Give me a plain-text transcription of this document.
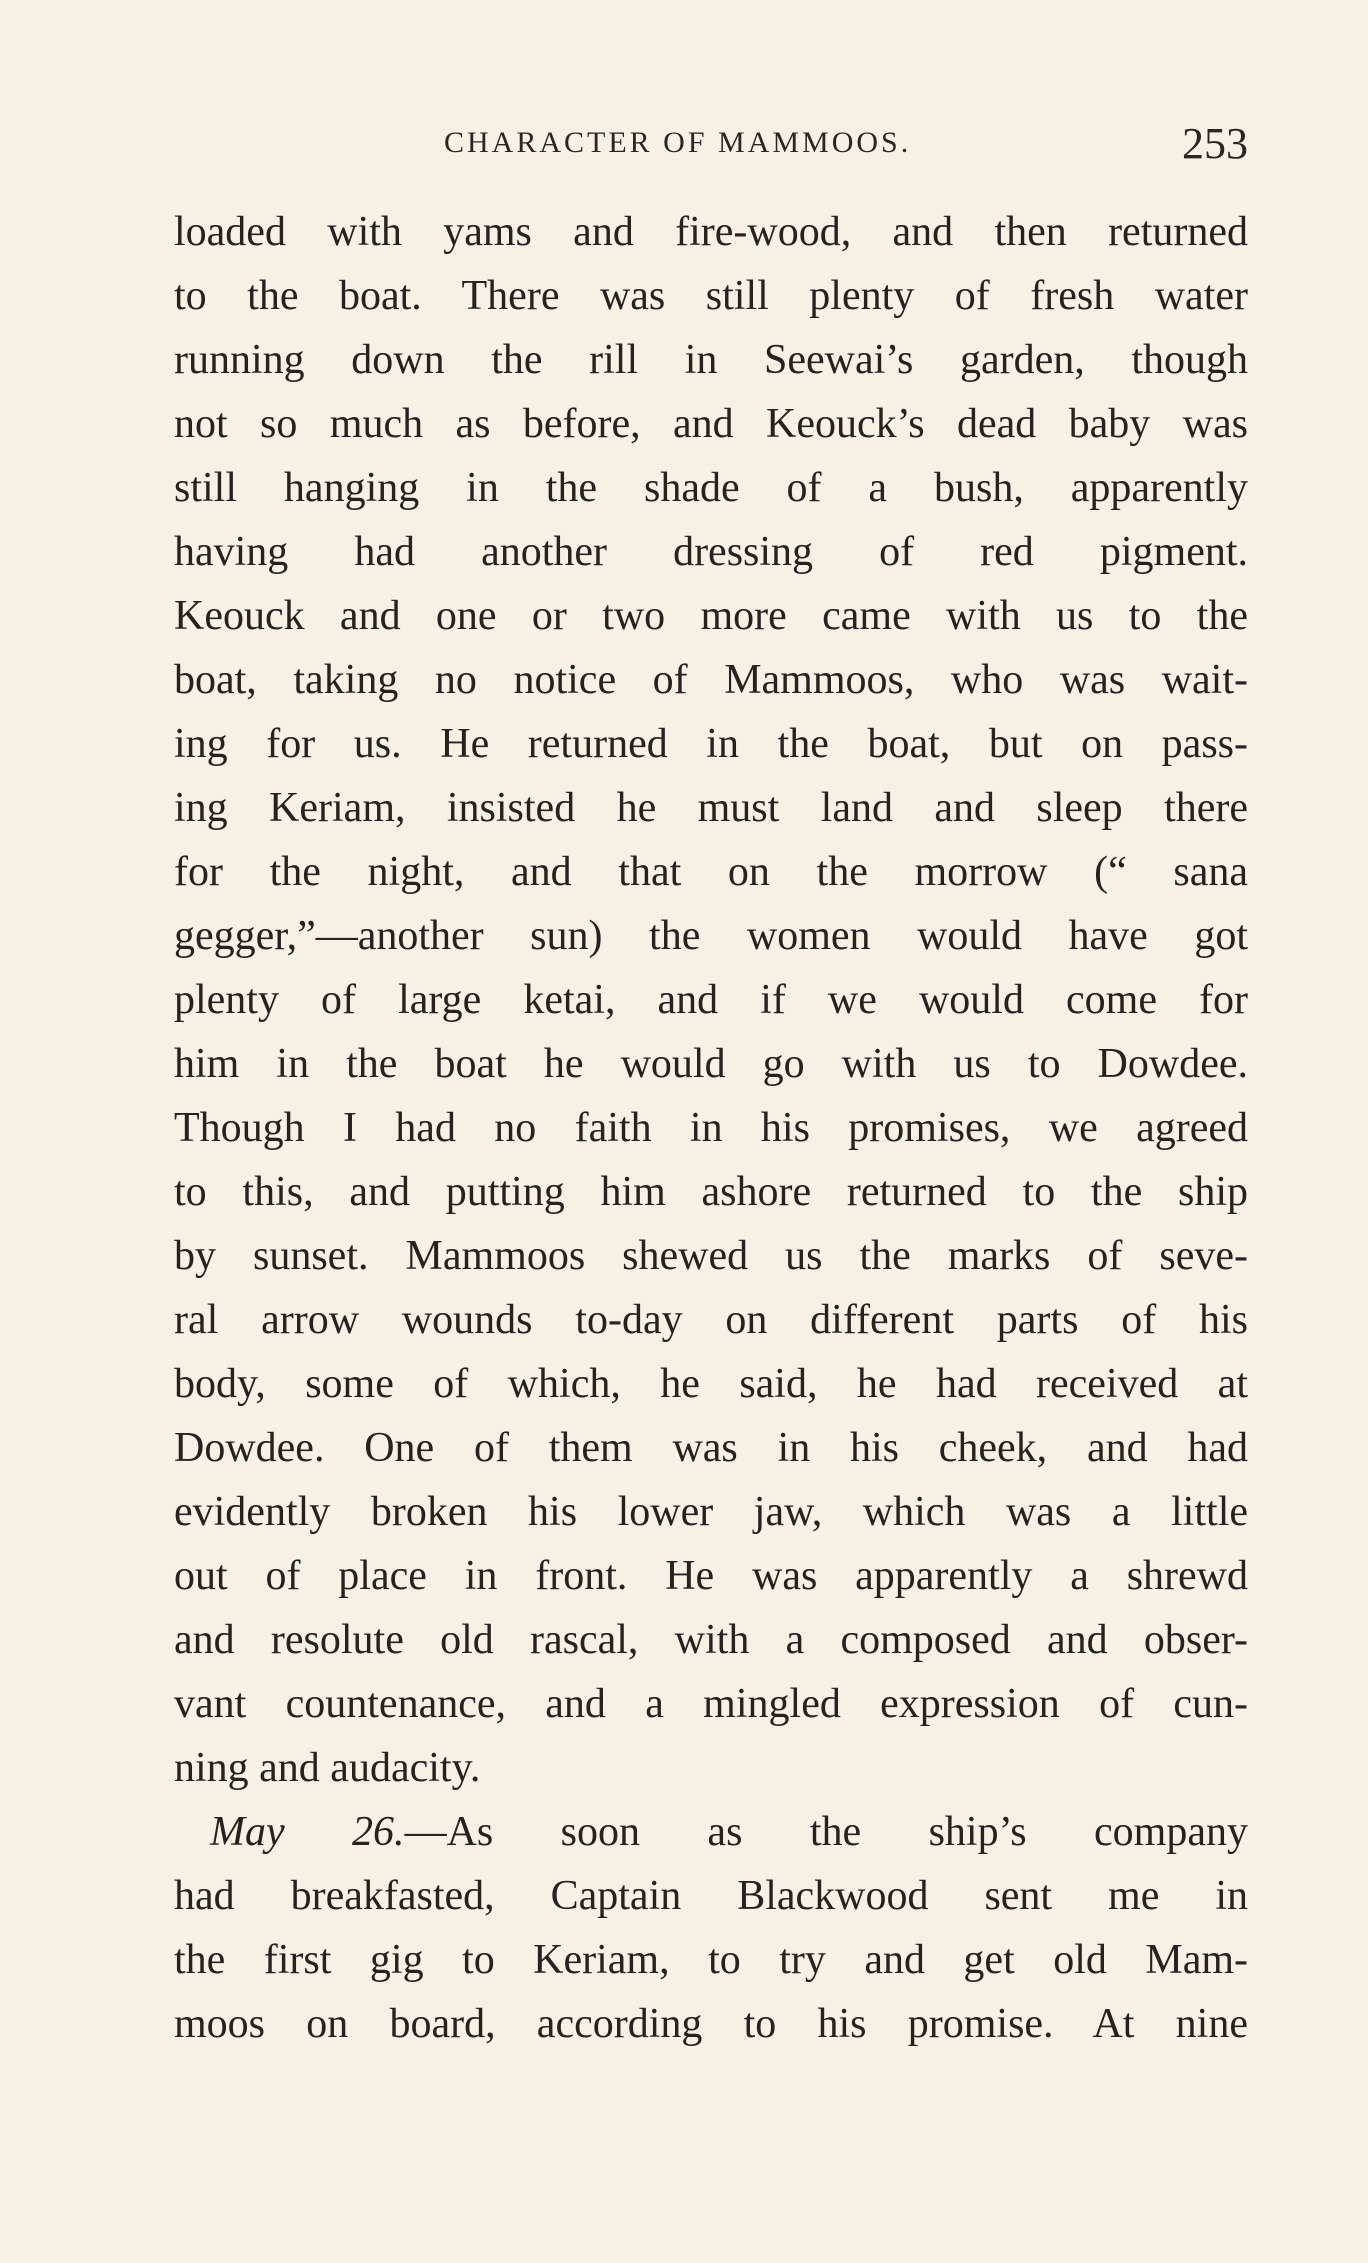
CHARACTER OF MAMMOOS.	253
loaded with yams and fire-wood, and then returned
to the boat. There was still plenty of fresh water
running down the rill in Seewai’s garden, though
not so much as before, and Keouck’s dead baby was
still hanging in the shade of a bush, apparently
having had another dressing of red pigment.
Keouck and one or two more came with us to the
boat, taking no notice of Mammoos, who was wait-
ing for us. He returned in the boat, but on pass-
ing Keriam, insisted he must land and sleep there
for the night, and that on the morrow (“ sana
gegger,”—another sun) the women would have got
plenty of large ketai, and if we would come for
him in the boat he would go with us to Dowdee.
Though I had no faith in his promises, we agreed
to this, and putting him ashore returned to the ship
by sunset. Mammoos shewed us the marks of seve-
ral arrow wounds to-day on different parts of his
body, some of which, he said, he had received at
Dowdee. One of them was in his cheek, and had
evidently broken his lower jaw, which was a little
out of place in front. He was apparently a shrewd
and resolute old rascal, with a composed and obser-
vant countenance, and a mingled expression of cun-
ning and audacity.
May 26.—As soon as the ship’s company
had breakfasted, Captain Blackwood sent me in
the first gig to Keriam, to try and get old Mam-
moos on board, according to his promise. At nine
